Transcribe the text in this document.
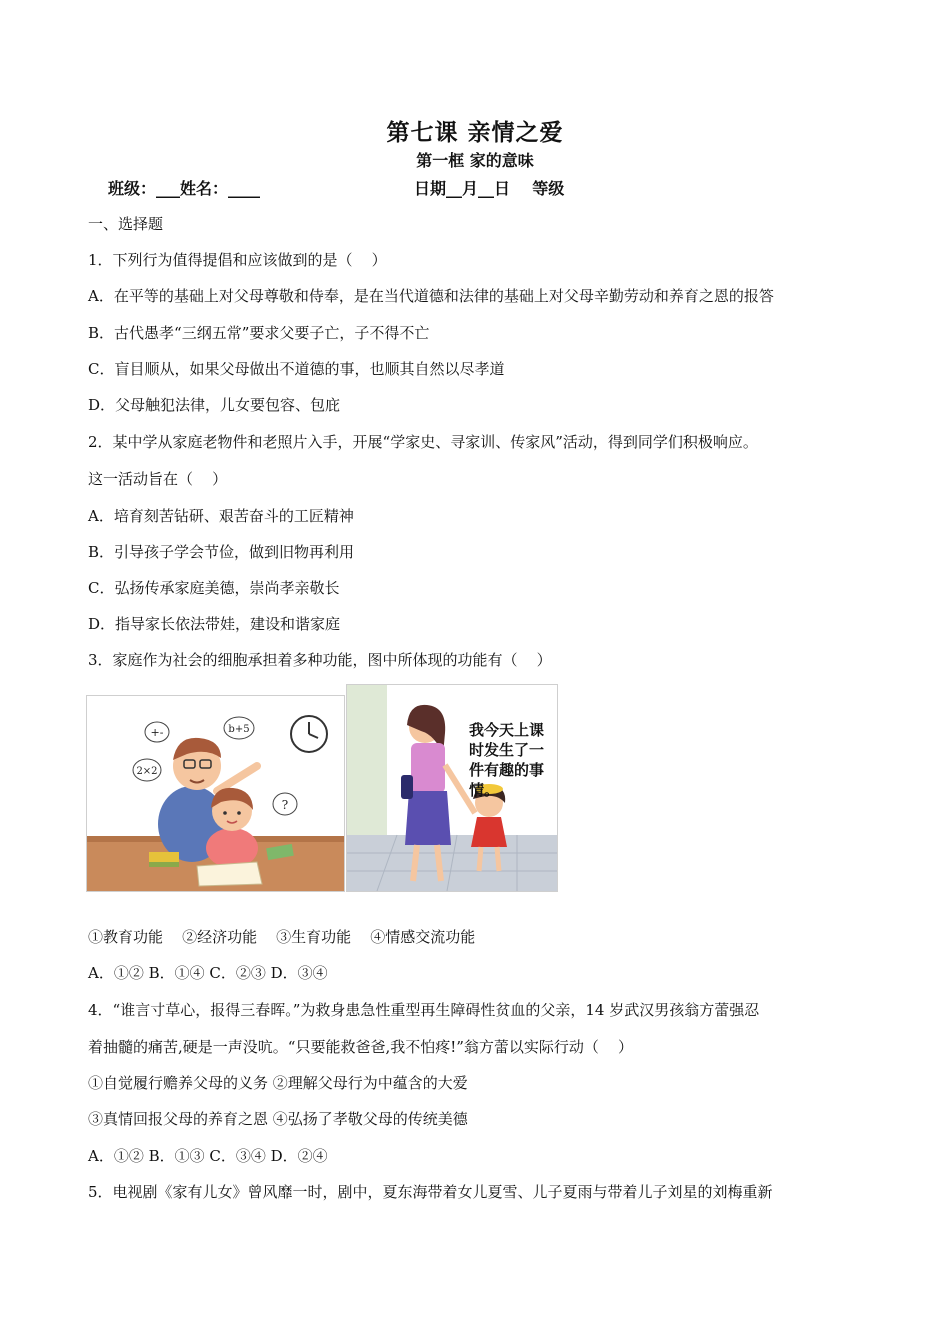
第七课 亲情之爱
第一框 家的意味
班级：___姓名：____	日期__月__日    等级
一、选择题
1．下列行为值得提倡和应该做到的是（    ）
A．在平等的基础上对父母尊敬和侍奉，是在当代道德和法律的基础上对父母辛勤劳动和养育之恩的报答
B．古代愚孝“三纲五常”要求父要子亡，子不得不亡
C．盲目顺从，如果父母做出不道德的事，也顺其自然以尽孝道
D．父母触犯法律，儿女要包容、包庇
2．某中学从家庭老物件和老照片入手，开展“学家史、寻家训、传家风”活动，得到同学们积极响应。
这一活动旨在（    ）
A．培育刻苦钻研、艰苦奋斗的工匠精神
B．引导孩子学会节俭，做到旧物再利用
C．弘扬传承家庭美德，崇尚孝亲敬长
D．指导家长依法带娃，建设和谐家庭
3．家庭作为社会的细胞承担着多种功能，图中所体现的功能有（    ）
+-	b+5
2×2
?
我今天上课
时发生了一
件有趣的事
情。
①教育功能    ②经济功能    ③生育功能    ④情感交流功能
A．①② B．①④ C．②③ D．③④
4．“谁言寸草心，报得三春晖。”为救身患急性重型再生障碍性贫血的父亲，14 岁武汉男孩翁方蕾强忍
着抽髓的痛苦,硬是一声没吭。“只要能救爸爸,我不怕疼!”翁方蕾以实际行动（    ）
①自觉履行赡养父母的义务 ②理解父母行为中蕴含的大爱
③真情回报父母的养育之恩 ④弘扬了孝敬父母的传统美德
A．①② B．①③ C．③④ D．②④
5．电视剧《家有儿女》曾风靡一时，剧中，夏东海带着女儿夏雪、儿子夏雨与带着儿子刘星的刘梅重新
